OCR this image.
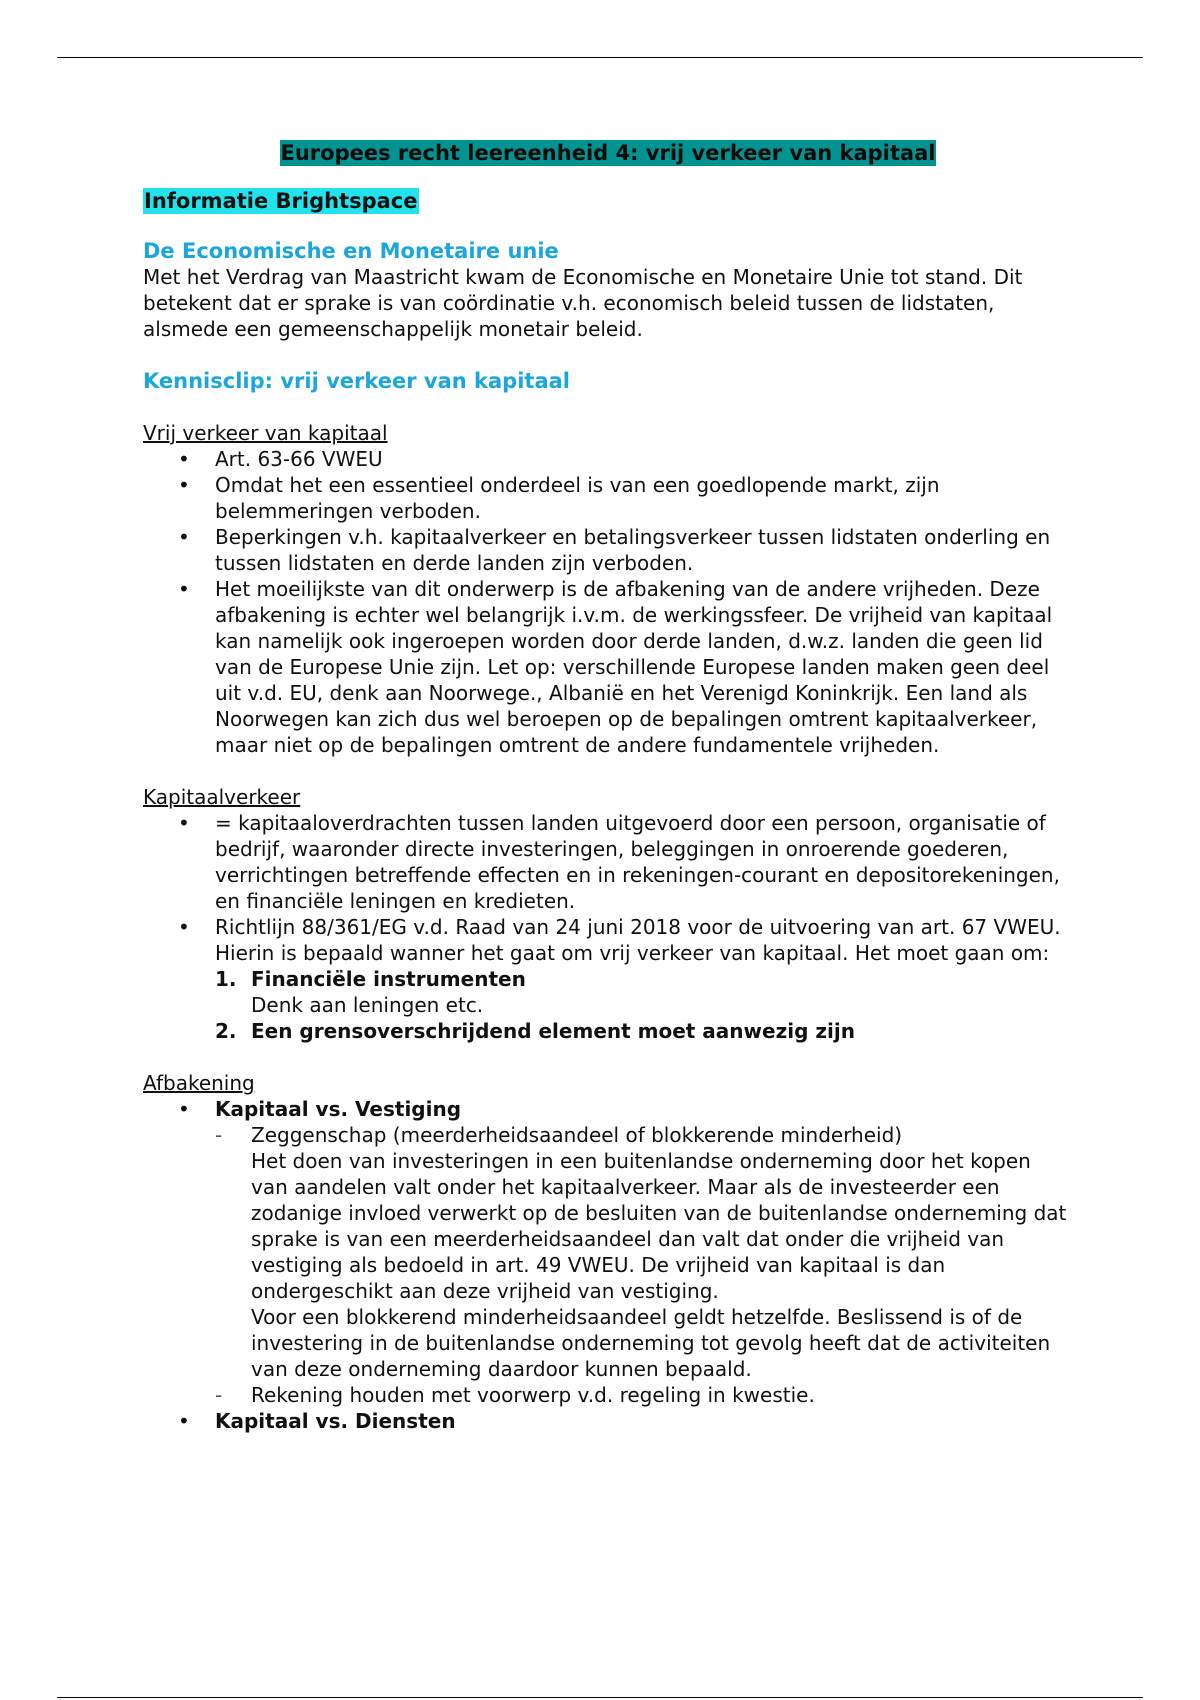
Europees recht leereenheid 4: vrij verkeer van kapitaal
Informatie Brightspace
De Economische en Monetaire unie

Met het Verdrag van Maastricht kwam de Economische en Monetaire Unie tot stand. Dit betekent dat er sprake is van coördinatie v.h. economisch beleid tussen de lidstaten, alsmede een gemeenschappelijk monetair beleid.

Kennisclip: vrij verkeer van kapitaal

Vrij verkeer van kapitaal

• Art. 63-66 VWEU
• Omdat het een essentieel onderdeel is van een goedlopende markt, zijn belemmeringen verboden.
• Beperkingen v.h. kapitaalverkeer en betalingsverkeer tussen lidstaten onderling en tussen lidstaten en derde landen zijn verboden.
• Het moeilijkste van dit onderwerp is de afbakening van de andere vrijheden. Deze afbakening is echter wel belangrijk i.v.m. de werkingssfeer. De vrijheid van kapitaal kan namelijk ook ingeroepen worden door derde landen, d.w.z. landen die geen lid van de Europese Unie zijn. Let op: verschillende Europese landen maken geen deel uit v.d. EU, denk aan Noorwege., Albanië en het Verenigd Koninkrijk. Een land als Noorwegen kan zich dus wel beroepen op de bepalingen omtrent kapitaalverkeer, maar niet op de bepalingen omtrent de andere fundamentele vrijheden.

Kapitaalverkeer

• = kapitaaloverdrachten tussen landen uitgevoerd door een persoon, organisatie of bedrijf, waaronder directe investeringen, beleggingen in onroerende goederen, verrichtingen betreffende effecten en in rekeningen-courant en depositorekeningen, en financiële leningen en kredieten.
• Richtlijn 88/361/EG v.d. Raad van 24 juni 2018 voor de uitvoering van art. 67 VWEU. Hierin is bepaald wanner het gaat om vrij verkeer van kapitaal. Het moet gaan om:
1. Financiële instrumenten
Denk aan leningen etc.
2. Een grensoverschrijdend element moet aanwezig zijn

Afbakening

• Kapitaal vs. Vestiging
- Zeggenschap (meerderheidsaandeel of blokkerende minderheid)

Het doen van investeringen in een buitenlandse onderneming door het kopen van aandelen valt onder het kapitaalverkeer. Maar als de investeerder een zodanige invloed verwerkt op de besluiten van de buitenlandse onderneming dat sprake is van een meerderheidsaandeel dan valt dat onder die vrijheid van vestiging als bedoeld in art. 49 VWEU. De vrijheid van kapitaal is dan ondergeschikt aan deze vrijheid van vestiging.

Voor een blokkerend minderheidsaandeel geldt hetzelfde. Beslissend is of de investering in de buitenlandse onderneming tot gevolg heeft dat de activiteiten van deze onderneming daardoor kunnen bepaald.

- Rekening houden met voorwerp v.d. regeling in kwestie.
• Kapitaal vs. Diensten
